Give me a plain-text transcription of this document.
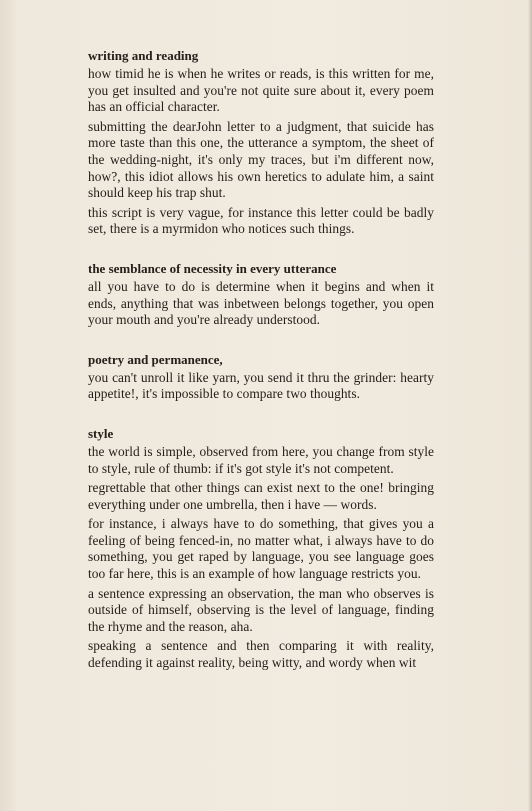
writing and reading

how timid he is when he writes or reads, is this written for me, you get insulted and you're not quite sure about it, every poem has an official character.

submitting the dearJohn letter to a judgment, that suicide has more taste than this one, the utterance a symptom, the sheet of the wedding-night, it's only my traces, but i'm different now, how?, this idiot allows his own heretics to adulate him, a saint should keep his trap shut.

this script is very vague, for instance this letter could be badly set, there is a myrmidon who notices such things.

the semblance of necessity in every utterance

all you have to do is determine when it begins and when it ends, anything that was inbetween belongs together, you open your mouth and you're already understood.

poetry and permanence,

you can't unroll it like yarn, you send it thru the grinder: hearty appetite!, it's impossible to compare two thoughts.

style

the world is simple, observed from here, you change from style to style, rule of thumb: if it's got style it's not competent.

regrettable that other things can exist next to the one! bringing everything under one umbrella, then i have — words.

for instance, i always have to do something, that gives you a feeling of being fenced-in, no matter what, i always have to do something, you get raped by language, you see language goes too far here, this is an example of how language restricts you.

a sentence expressing an observation, the man who observes is outside of himself, observing is the level of language, finding the rhyme and the reason, aha.

speaking a sentence and then comparing it with reality, defending it against reality, being witty, and wordy when wit
